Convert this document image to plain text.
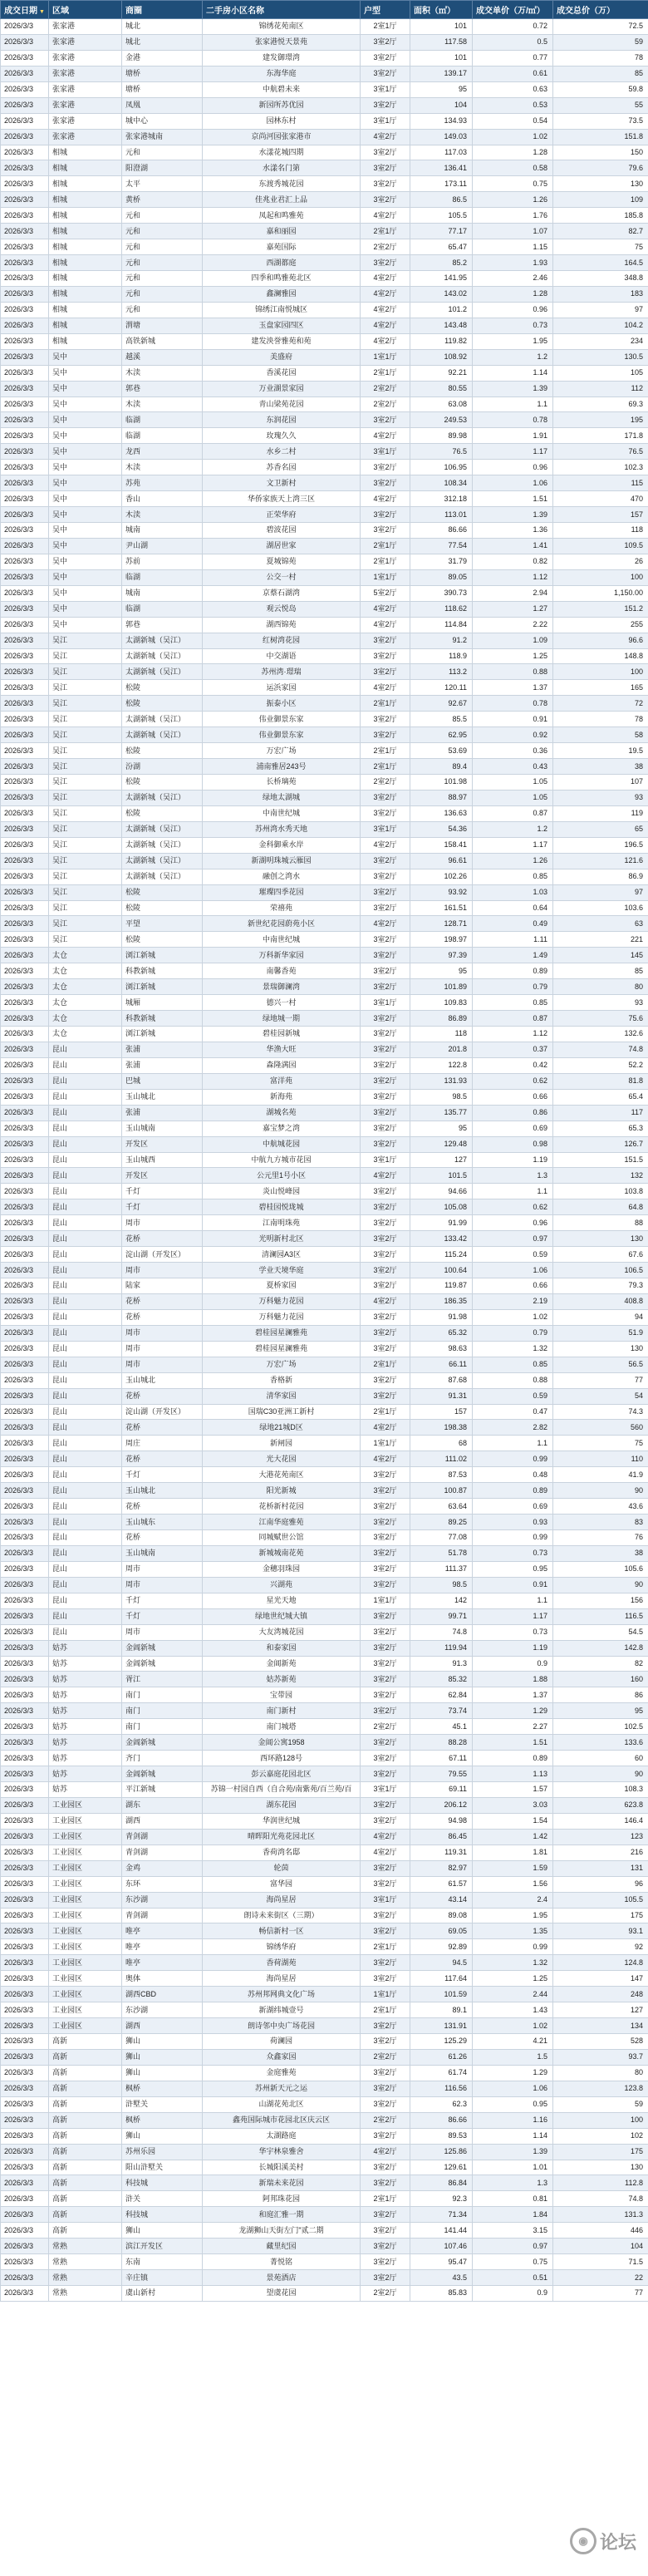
成交日期 ▼	区域	商圈	二手房小区名称	户型	面积（㎡）	成交单价（万/㎡）	成交总价（万）
2026/3/3	张家港	城北	锦绣花苑南区	2室1厅	101	0.72	72.5
2026/3/3	张家港	城北	张家港悦天景苑	3室2厅	117.58	0.5	59
2026/3/3	张家港	金港	建发御璟湾	3室2厅	101	0.77	78
2026/3/3	张家港	塘桥	东海华庭	3室2厅	139.17	0.61	85
2026/3/3	张家港	塘桥	中航碧未来	3室1厅	95	0.63	59.8
2026/3/3	张家港	凤凰	新园所苏优园	3室2厅	104	0.53	55
2026/3/3	张家港	城中心	园林东村	3室1厅	134.93	0.54	73.5
2026/3/3	张家港	张家港城南	京尚河园张家港市	4室2厅	149.03	1.02	151.8
2026/3/3	相城	元和	水漾花城四期	3室2厅	117.03	1.28	150
2026/3/3	相城	阳澄湖	水漾名门第	3室2厅	136.41	0.58	79.6
2026/3/3	相城	太平	东渡秀城花园	3室2厅	173.11	0.75	130
2026/3/3	相城	黄桥	佳兆业君汇上品	3室2厅	86.5	1.26	109
2026/3/3	相城	元和	凤起和鸣雅苑	4室2厅	105.5	1.76	185.8
2026/3/3	相城	元和	嘉和丽园	2室1厅	77.17	1.07	82.7
2026/3/3	相城	元和	嘉苑国际	2室2厅	65.47	1.15	75
2026/3/3	相城	元和	西湖都庭	3室2厅	85.2	1.93	164.5
2026/3/3	相城	元和	四季和鸣雅苑北区	4室2厅	141.95	2.46	348.8
2026/3/3	相城	元和	鑫澜雅园	4室2厅	143.02	1.28	183
2026/3/3	相城	元和	锦绣江南悦城区	4室2厅	101.2	0.96	97
2026/3/3	相城	渭塘	玉盘家园四区	4室2厅	143.48	0.73	104.2
2026/3/3	相城	高铁新城	建发泱誉雅苑和苑	4室2厅	119.82	1.95	234
2026/3/3	吴中	越溪	美盛府	1室1厅	108.92	1.2	130.5
2026/3/3	吴中	木渎	香溪花园	2室1厅	92.21	1.14	105
2026/3/3	吴中	郭巷	万业湖景家园	2室2厅	80.55	1.39	112
2026/3/3	吴中	木渎	青山梁苑花园	2室2厅	63.08	1.1	69.3
2026/3/3	吴中	临湖	东润花园	3室2厅	249.53	0.78	195
2026/3/3	吴中	临湖	玫瑰久久	4室2厅	89.98	1.91	171.8
2026/3/3	吴中	龙西	水乡二村	3室1厅	76.5	1.17	76.5
2026/3/3	吴中	木渎	苏香名园	3室2厅	106.95	0.96	102.3
2026/3/3	吴中	苏苑	文卫新村	3室2厅	108.34	1.06	115
2026/3/3	吴中	香山	华侨家族天上湾三区	4室2厅	312.18	1.51	470
2026/3/3	吴中	木渎	正荣华府	3室2厅	113.01	1.39	157
2026/3/3	吴中	城南	碧波花园	3室2厅	86.66	1.36	118
2026/3/3	吴中	尹山湖	湖居世家	2室1厅	77.54	1.41	109.5
2026/3/3	吴中	苏前	夏城锦苑	2室1厅	31.79	0.82	26
2026/3/3	吴中	临湖	公交一村	1室1厅	89.05	1.12	100
2026/3/3	吴中	城南	京蔡石湖湾	5室2厅	390.73	2.94	1,150.00
2026/3/3	吴中	临湖	观云悦岛	4室2厅	118.62	1.27	151.2
2026/3/3	吴中	郭巷	湖西锦苑	4室2厅	114.84	2.22	255
2026/3/3	吴江	太湖新城（吴江）	红树湾花园	3室2厅	91.2	1.09	96.6
2026/3/3	吴江	太湖新城（吴江）	中交湖语	3室2厅	118.9	1.25	148.8
2026/3/3	吴江	太湖新城（吴江）	苏州湾·璟瑞	3室2厅	113.2	0.88	100
2026/3/3	吴江	松陵	运浜家园	4室2厅	120.11	1.37	165
2026/3/3	吴江	松陵	振泰小区	2室1厅	92.67	0.78	72
2026/3/3	吴江	太湖新城（吴江）	伟业御景东家	3室2厅	85.5	0.91	78
2026/3/3	吴江	太湖新城（吴江）	伟业御景东家	3室2厅	62.95	0.92	58
2026/3/3	吴江	松陵	万宏广场	2室1厅	53.69	0.36	19.5
2026/3/3	吴江	汾湖	浦南雅居243号	2室1厅	89.4	0.43	38
2026/3/3	吴江	松陵	长桥璃苑	2室2厅	101.98	1.05	107
2026/3/3	吴江	太湖新城（吴江）	绿地太湖城	3室2厅	88.97	1.05	93
2026/3/3	吴江	松陵	中南世纪城	3室2厅	136.63	0.87	119
2026/3/3	吴江	太湖新城（吴江）	苏州湾水秀天地	3室1厅	54.36	1.2	65
2026/3/3	吴江	太湖新城（吴江）	金科御乘水岸	4室2厅	158.41	1.17	196.5
2026/3/3	吴江	太湖新城（吴江）	新湖明珠城云雁园	3室2厅	96.61	1.26	121.6
2026/3/3	吴江	太湖新城（吴江）	融创之湾水	3室2厅	102.26	0.85	86.9
2026/3/3	吴江	松陵	璀璨四季花园	3室2厅	93.92	1.03	97
2026/3/3	吴江	松陵	荣禧苑	3室2厅	161.51	0.64	103.6
2026/3/3	吴江	平望	新世纪花园蔚苑小区	4室2厅	128.71	0.49	63
2026/3/3	吴江	松陵	中南世纪城	3室2厅	198.97	1.11	221
2026/3/3	太仓	浏江新城	万科新华家园	3室2厅	97.39	1.49	145
2026/3/3	太仓	科教新城	南馨香苑	3室2厅	95	0.89	85
2026/3/3	太仓	浏江新城	景瑞御澜湾	3室2厅	101.89	0.79	80
2026/3/3	太仓	城厢	德兴一村	3室1厅	109.83	0.85	93
2026/3/3	太仓	科教新城	绿地城一期	3室2厅	86.89	0.87	75.6
2026/3/3	太仓	浏江新城	碧桂园新城	3室2厅	118	1.12	132.6
2026/3/3	昆山	张浦	华渔大旺	3室2厅	201.8	0.37	74.8
2026/3/3	昆山	张浦	森隆满园	3室2厅	122.8	0.42	52.2
2026/3/3	昆山	巴城	富洋苑	3室2厅	131.93	0.62	81.8
2026/3/3	昆山	玉山城北	新海苑	3室2厅	98.5	0.66	65.4
2026/3/3	昆山	张浦	湖城名苑	3室2厅	135.77	0.86	117
2026/3/3	昆山	玉山城南	嘉宝梦之湾	3室2厅	95	0.69	65.3
2026/3/3	昆山	开发区	中航城花园	3室2厅	129.48	0.98	126.7
2026/3/3	昆山	玉山城西	中航九方城市花园	3室1厅	127	1.19	151.5
2026/3/3	昆山	开发区	公元里1号小区	4室2厅	101.5	1.3	132
2026/3/3	昆山	千灯	炎山悦峰园	3室2厅	94.66	1.1	103.8
2026/3/3	昆山	千灯	碧桂园悦珑城	3室2厅	105.08	0.62	64.8
2026/3/3	昆山	周市	江南明珠苑	3室2厅	91.99	0.96	88
2026/3/3	昆山	花桥	光明新村北区	3室2厅	133.42	0.97	130
2026/3/3	昆山	淀山湖（开发区）	清澜园A3区	3室2厅	115.24	0.59	67.6
2026/3/3	昆山	周市	学业天境华庭	3室2厅	100.64	1.06	106.5
2026/3/3	昆山	陆家	夏桥家园	3室2厅	119.87	0.66	79.3
2026/3/3	昆山	花桥	万科魅力花园	4室2厅	186.35	2.19	408.8
2026/3/3	昆山	花桥	万科魅力花园	3室2厅	91.98	1.02	94
2026/3/3	昆山	周市	碧桂园星澜雅苑	3室2厅	65.32	0.79	51.9
2026/3/3	昆山	周市	碧桂园星澜雅苑	3室2厅	98.63	1.32	130
2026/3/3	昆山	周市	万宏广场	2室1厅	66.11	0.85	56.5
2026/3/3	昆山	玉山城北	香格新	3室2厅	87.68	0.88	77
2026/3/3	昆山	花桥	清华家园	3室2厅	91.31	0.59	54
2026/3/3	昆山	淀山湖（开发区）	国瑞C30亚洲工新村	2室1厅	157	0.47	74.3
2026/3/3	昆山	花桥	绿地21城D区	4室2厅	198.38	2.82	560
2026/3/3	昆山	周庄	新闸园	1室1厅	68	1.1	75
2026/3/3	昆山	花桥	光大花园	4室2厅	111.02	0.99	110
2026/3/3	昆山	千灯	大港花苑南区	3室2厅	87.53	0.48	41.9
2026/3/3	昆山	玉山城北	阳光新城	3室2厅	100.87	0.89	90
2026/3/3	昆山	花桥	花桥新村花园	3室2厅	63.64	0.69	43.6
2026/3/3	昆山	玉山城东	江南华庭雅苑	3室2厅	89.25	0.93	83
2026/3/3	昆山	花桥	同城赋世公馆	3室2厅	77.08	0.99	76
2026/3/3	昆山	玉山城南	新城城南花苑	3室2厅	51.78	0.73	38
2026/3/3	昆山	周市	金穗羽珠园	3室2厅	111.37	0.95	105.6
2026/3/3	昆山	周市	兴湖苑	3室2厅	98.5	0.91	90
2026/3/3	昆山	千灯	星光天地	1室1厅	142	1.1	156
2026/3/3	昆山	千灯	绿地世纪城大镇	3室2厅	99.71	1.17	116.5
2026/3/3	昆山	周市	大友湾城花园	3室2厅	74.8	0.73	54.5
2026/3/3	姑苏	金阊新城	和泰家园	3室2厅	119.94	1.19	142.8
2026/3/3	姑苏	金阊新城	金阊新苑	3室2厅	91.3	0.9	82
2026/3/3	姑苏	胥江	姑苏新苑	3室2厅	85.32	1.88	160
2026/3/3	姑苏	南门	宝带园	3室2厅	62.84	1.37	86
2026/3/3	姑苏	南门	南门新村	3室2厅	73.74	1.29	95
2026/3/3	姑苏	南门	南门城塔	2室2厅	45.1	2.27	102.5
2026/3/3	姑苏	金阊新城	金阊公寓1958	3室2厅	88.28	1.51	133.6
2026/3/3	姑苏	齐门	西环路128号	3室2厅	67.11	0.89	60
2026/3/3	姑苏	金阊新城	彭云嘉庭花园北区	3室2厅	79.55	1.13	90
2026/3/3	姑苏	平江新城	苏锦一村园自西（自合苑/南紫苑/百兰苑/百	3室1厅	69.11	1.57	108.3
2026/3/3	工业园区	湖东	湖东花园	3室2厅	206.12	3.03	623.8
2026/3/3	工业园区	湖西	华润世纪城	3室2厅	94.98	1.54	146.4
2026/3/3	工业园区	青剑湖	晴晖阳光苑花园北区	4室2厅	86.45	1.42	123
2026/3/3	工业园区	青剑湖	香荷湾名邸	4室2厅	119.31	1.81	216
2026/3/3	工业园区	金鸡	轮茵	3室2厅	82.97	1.59	131
2026/3/3	工业园区	东环	富华园	3室2厅	61.57	1.56	96
2026/3/3	工业园区	东沙湖	海尚星居	3室1厅	43.14	2.4	105.5
2026/3/3	工业园区	青剑湖	朗诗未来街区（三期）	3室2厅	89.08	1.95	175
2026/3/3	工业园区	唯亭	畅信新村一区	3室2厅	69.05	1.35	93.1
2026/3/3	工业园区	唯亭	锦绣华府	2室1厅	92.89	0.99	92
2026/3/3	工业园区	唯亭	香荷湖苑	3室2厅	94.5	1.32	124.8
2026/3/3	工业园区	奥体	海尚星居	3室2厅	117.64	1.25	147
2026/3/3	工业园区	湖西CBD	苏州邦网典文化广场	1室1厅	101.59	2.44	248
2026/3/3	工业园区	东沙湖	新湖纬城壹号	2室1厅	89.1	1.43	127
2026/3/3	工业园区	湖西	朗诗邻中央广场花园	3室2厅	131.91	1.02	134
2026/3/3	高新	狮山	荷澜园	3室2厅	125.29	4.21	528
2026/3/3	高新	狮山	众鑫家园	2室2厅	61.26	1.5	93.7
2026/3/3	高新	狮山	金庭雅苑	3室2厅	61.74	1.29	80
2026/3/3	高新	枫桥	苏州新天元之运	3室2厅	116.56	1.06	123.8
2026/3/3	高新	浒墅关	山湖花苑北区	3室2厅	62.3	0.95	59
2026/3/3	高新	枫桥	鑫苑国际城市花园北区庆云区	2室2厅	86.66	1.16	100
2026/3/3	高新	狮山	太湖路庭	3室2厅	89.53	1.14	102
2026/3/3	高新	苏州乐园	华宇林泉雅舍	4室2厅	125.86	1.39	175
2026/3/3	高新	阳山浒墅关	长城阳溪美村	3室2厅	129.61	1.01	130
2026/3/3	高新	科技城	新瑞未来花园	3室2厅	86.84	1.3	112.8
2026/3/3	高新	浒关	阿邦珠花园	2室1厅	92.3	0.81	74.8
2026/3/3	高新	科技城	和庭汇雅一期	3室2厅	71.34	1.84	131.3
2026/3/3	高新	狮山	龙湖狮山天街左门"贰二期	3室2厅	141.44	3.15	446
2026/3/3	常熟	滨江开发区	藏里纪园	3室2厅	107.46	0.97	104
2026/3/3	常熟	东南	菁悦铭	3室2厅	95.47	0.75	71.5
2026/3/3	常熟	辛庄镇	景苑酒店	3室2厅	43.5	0.51	22
2026/3/3	常熟	虞山新村	望虞花园	2室2厅	85.83	0.9	77
◉ 论坛
